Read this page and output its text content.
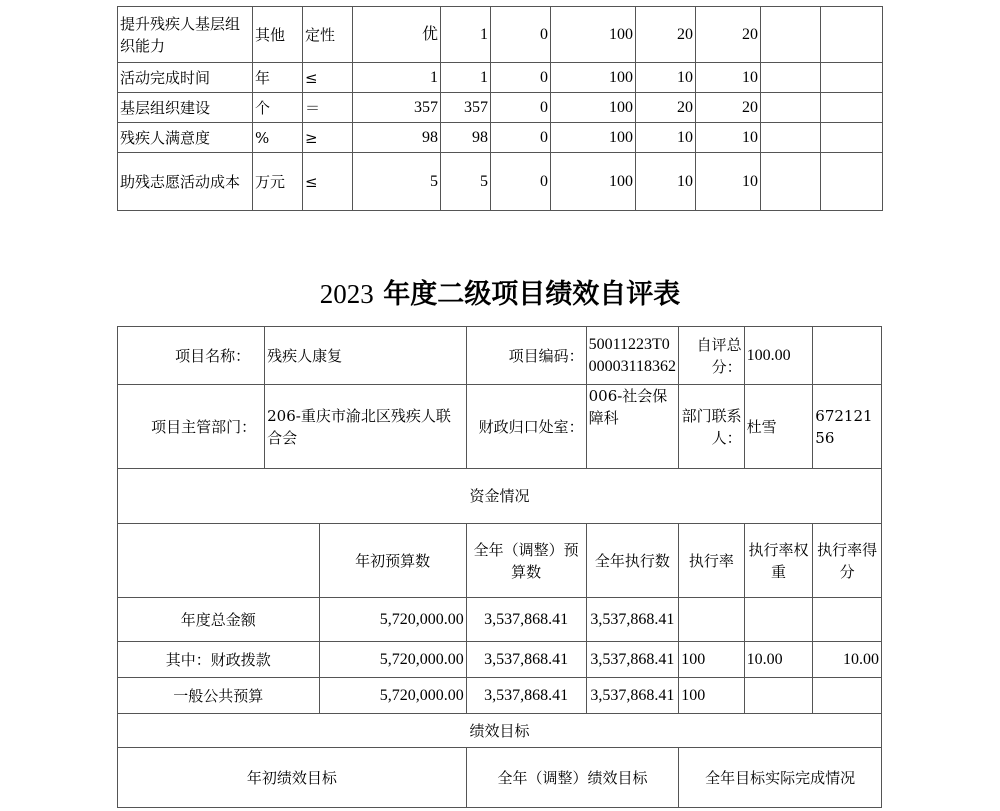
提升残疾人基层组织能力	其他	定性	优	1	0	100	20	20		
活动完成时间	年	≤	1	1	0	100	10	10		
基层组织建设	个	＝	357	357	0	100	20	20		
残疾人满意度	%	≥	98	98	0	100	10	10		
助残志愿活动成本	万元	≤	5	5	0	100	10	10		
2023 年度二级项目绩效自评表
项目名称：	残疾人康复		项目编码：	50011223T000003118362	自评总分：	100.00	
项目主管部门：	206-重庆市渝北区残疾人联合会		财政归口处室：	006-社会保障科	部门联系人：	杜雪	67212156
资金情况							
		年初预算数	全年（调整）预算数	全年执行数	执行率	执行率权重	执行率得分
年度总金额		5,720,000.00	3,537,868.41	3,537,868.41			
其中：财政拨款		5,720,000.00	3,537,868.41	3,537,868.41	100	10.00	10.00
一般公共预算		5,720,000.00	3,537,868.41	3,537,868.41	100		
绩效目标							
年初绩效目标			全年（调整）绩效目标		全年目标实际完成情况		
